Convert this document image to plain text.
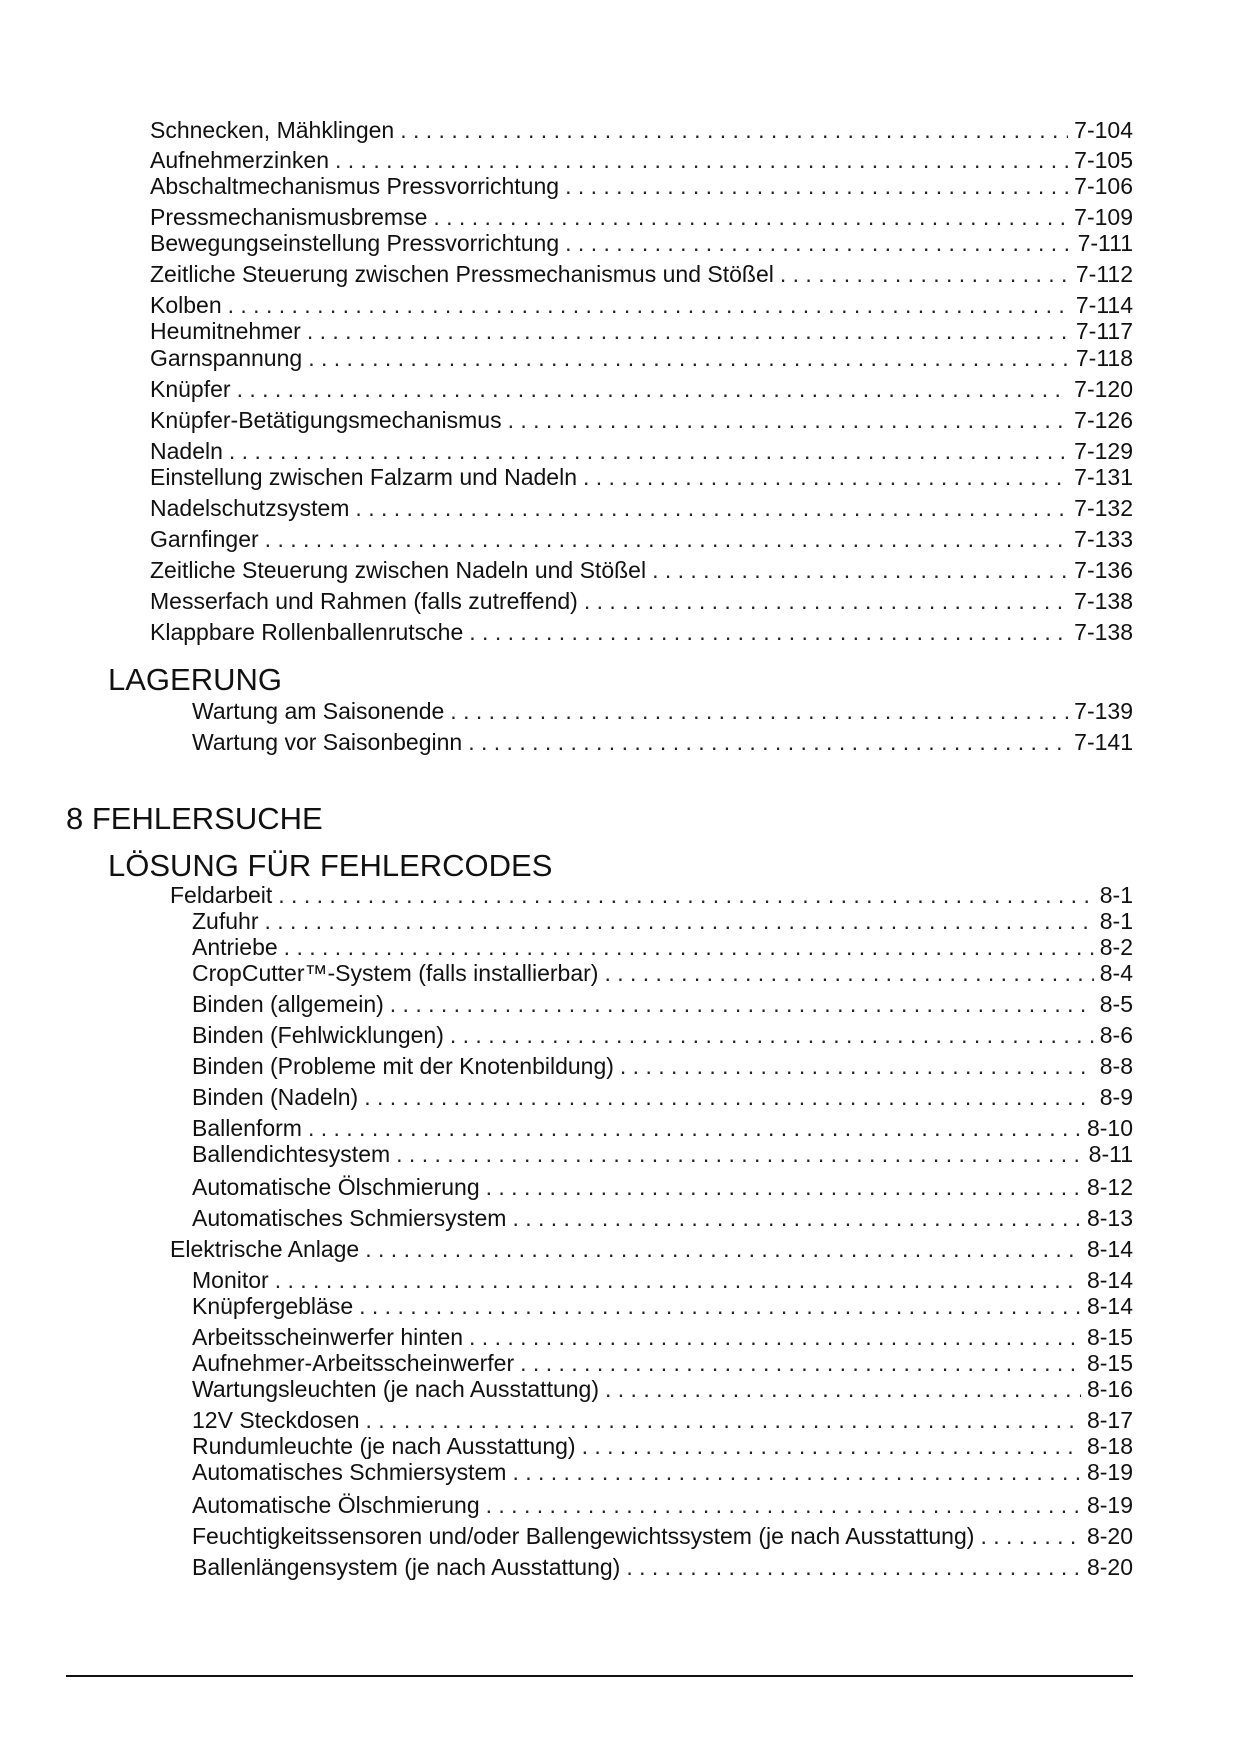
Schnecken, Mähklingen . . .	7-104
Aufnehmerzinken . . .	7-105
Abschaltmechanismus Pressvorrichtung . . .	7-106
Pressmechanismusbremse . . .	7-109
Bewegungseinstellung Pressvorrichtung . . .	7-111
Zeitliche Steuerung zwischen Pressmechanismus und Stößel . . .	7-112
Kolben . . .	7-114
Heumitnehmer . . .	7-117
Garnspannung . . .	7-118
Knüpfer . . .	7-120
Knüpfer-Betätigungsmechanismus . . .	7-126
Nadeln . . .	7-129
Einstellung zwischen Falzarm und Nadeln . . .	7-131
Nadelschutzsystem . . .	7-132
Garnfinger . . .	7-133
Zeitliche Steuerung zwischen Nadeln und Stößel . . .	7-136
Messerfach und Rahmen (falls zutreffend) . . .	7-138
Klappbare Rollenballenrutsche . . .	7-138
LAGERUNG
Wartung am Saisonende . . .	7-139
Wartung vor Saisonbeginn . . .	7-141
8 FEHLERSUCHE
LÖSUNG FÜR FEHLERCODES
Feldarbeit . . .	8-1
Zufuhr . . .	8-1
Antriebe . . .	8-2
CropCutter™-System (falls installierbar) . . .	8-4
Binden (allgemein) . . .	8-5
Binden (Fehlwicklungen) . . .	8-6
Binden (Probleme mit der Knotenbildung) . . .	8-8
Binden (Nadeln) . . .	8-9
Ballenform . . .	8-10
Ballendichtesystem . . .	8-11
Automatische Ölschmierung . . .	8-12
Automatisches Schmiersystem . . .	8-13
Elektrische Anlage . . .	8-14
Monitor . . .	8-14
Knüpfergebläse . . .	8-14
Arbeitsscheinwerfer hinten . . .	8-15
Aufnehmer-Arbeitsscheinwerfer . . .	8-15
Wartungsleuchten (je nach Ausstattung) . . .	8-16
12V Steckdosen . . .	8-17
Rundumleuchte (je nach Ausstattung) . . .	8-18
Automatisches Schmiersystem . . .	8-19
Automatische Ölschmierung . . .	8-19
Feuchtigkeitssensoren und/oder Ballengewichtssystem (je nach Ausstattung) . . .	8-20
Ballenlängensystem (je nach Ausstattung) . . .	8-20
